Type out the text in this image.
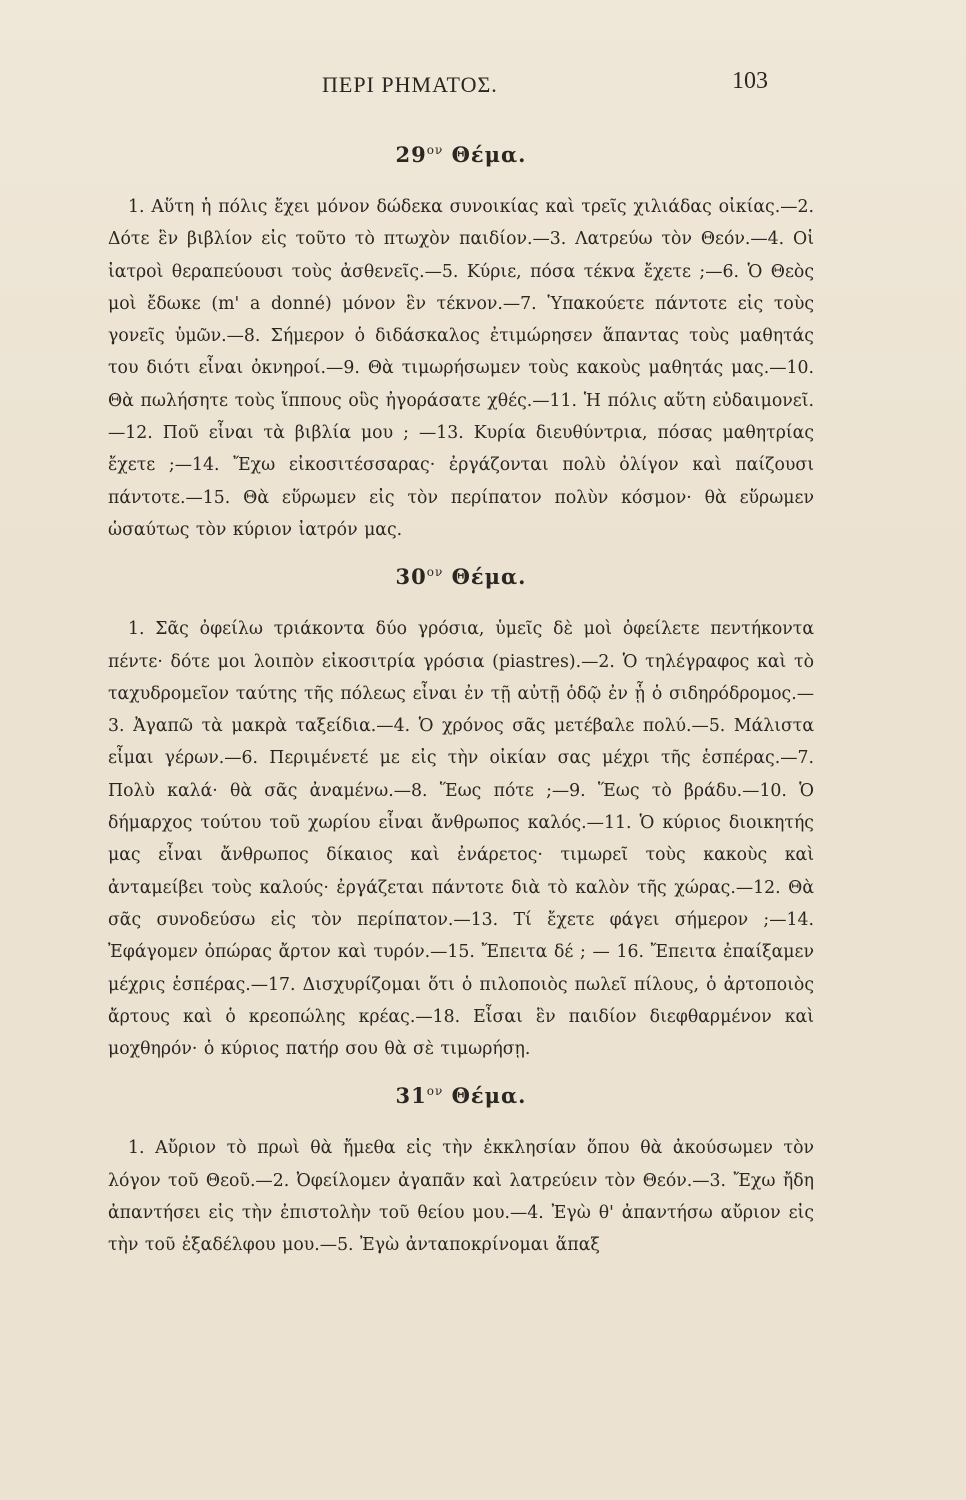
ΠΕΡΙ ΡΗΜΑΤΟΣ.	103
$29^{o\nu}$ Θέμα.

1. Αὕτη ἡ πόλις ἔχει μόνον δώδεκα συνοικίας καὶ τρεῖς χιλιάδας οἰκίας.—2. Δότε ἓν βιβλίον εἰς τοῦτο τὸ πτωχὸν παιδίον.—3. Λατρεύω τὸν Θεόν.—4. Οἱ ἰατροὶ θεραπεύουσι τοὺς ἀσθενεῖς.—5. Κύριε, πόσα τέκνα ἔχετε ;—6. Ὁ Θεὸς μοὶ ἔδωκε (m' a donné) μόνον ἓν τέκνον.—7. Ὑπακούετε πάντοτε εἰς τοὺς γονεῖς ὑμῶν.—8. Σήμερον ὁ διδάσκαλος ἐτιμώρησεν ἅπαντας τοὺς μαθητάς του διότι εἶναι ὀκνηροί.—9. Θὰ τιμωρήσωμεν τοὺς κακοὺς μαθητάς μας.—10. Θὰ πωλήσητε τοὺς ἵππους οὓς ἠγοράσατε χθές.—11. Ἡ πόλις αὕτη εὐδαιμονεῖ.—12. Ποῦ εἶναι τὰ βιβλία μου ; —13. Κυρία διευθύντρια, πόσας μαθητρίας ἔχετε ;—14. Ἔχω εἰκοσιτέσσαρας· ἐργάζονται πολὺ ὀλίγον καὶ παίζουσι πάντοτε.—15. Θὰ εὕρωμεν εἰς τὸν περίπατον πολὺν κόσμον· θὰ εὕρωμεν ὡσαύτως τὸν κύριον ἰατρόν μας.

$30^{o\nu}$ Θέμα.

1. Σᾶς ὀφείλω τριάκοντα δύο γρόσια, ὑμεῖς δὲ μοὶ ὀφείλετε πεντήκοντα πέντε· δότε μοι λοιπὸν εἰκοσιτρία γρόσια (piastres).—2. Ὁ τηλέγραφος καὶ τὸ ταχυδρομεῖον ταύτης τῆς πόλεως εἶναι ἐν τῇ αὐτῇ ὁδῷ ἐν ᾗ ὁ σιδηρόδρομος.—3. Ἀγαπῶ τὰ μακρὰ ταξείδια.—4. Ὁ χρόνος σᾶς μετέβαλε πολύ.—5. Μάλιστα εἶμαι γέρων.—6. Περιμένετέ με εἰς τὴν οἰκίαν σας μέχρι τῆς ἑσπέρας.—7. Πολὺ καλά· θὰ σᾶς ἀναμένω.—8. Ἕως πότε ;—9. Ἕως τὸ βράδυ.—10. Ὁ δήμαρχος τούτου τοῦ χωρίου εἶναι ἄνθρωπος καλός.—11. Ὁ κύριος διοικητής μας εἶναι ἄνθρωπος δίκαιος καὶ ἐνάρετος· τιμωρεῖ τοὺς κακοὺς καὶ ἀνταμείβει τοὺς καλούς· ἐργάζεται πάντοτε διὰ τὸ καλὸν τῆς χώρας.—12. Θὰ σᾶς συνοδεύσω εἰς τὸν περίπατον.—13. Τί ἔχετε φάγει σήμερον ;—14. Ἐφάγομεν ὀπώρας ἄρτον καὶ τυρόν.—15. Ἔπειτα δέ ; — 16. Ἔπειτα ἐπαίξαμεν μέχρις ἑσπέρας.—17. Δισχυρίζομαι ὅτι ὁ πιλοποιὸς πωλεῖ πίλους, ὁ ἀρτοποιὸς ἄρτους καὶ ὁ κρεοπώλης κρέας.—18. Εἶσαι ἓν παιδίον διεφθαρμένον καὶ μοχθηρόν· ὁ κύριος πατήρ σου θὰ σὲ τιμωρήσῃ.

$31^{o\nu}$ Θέμα.

1. Αὔριον τὸ πρωὶ θὰ ἤμεθα εἰς τὴν ἐκκλησίαν ὅπου θὰ ἀκούσωμεν τὸν λόγον τοῦ Θεοῦ.—2. Ὀφείλομεν ἀγαπᾶν καὶ λατρεύειν τὸν Θεόν.—3. Ἔχω ἤδη ἀπαντήσει εἰς τὴν ἐπιστολὴν τοῦ θείου μου.—4. Ἐγὼ θ' ἀπαντήσω αὔριον εἰς τὴν τοῦ ἐξαδέλφου μου.—5. Ἐγὼ ἀνταποκρίνομαι ἅπαξ
